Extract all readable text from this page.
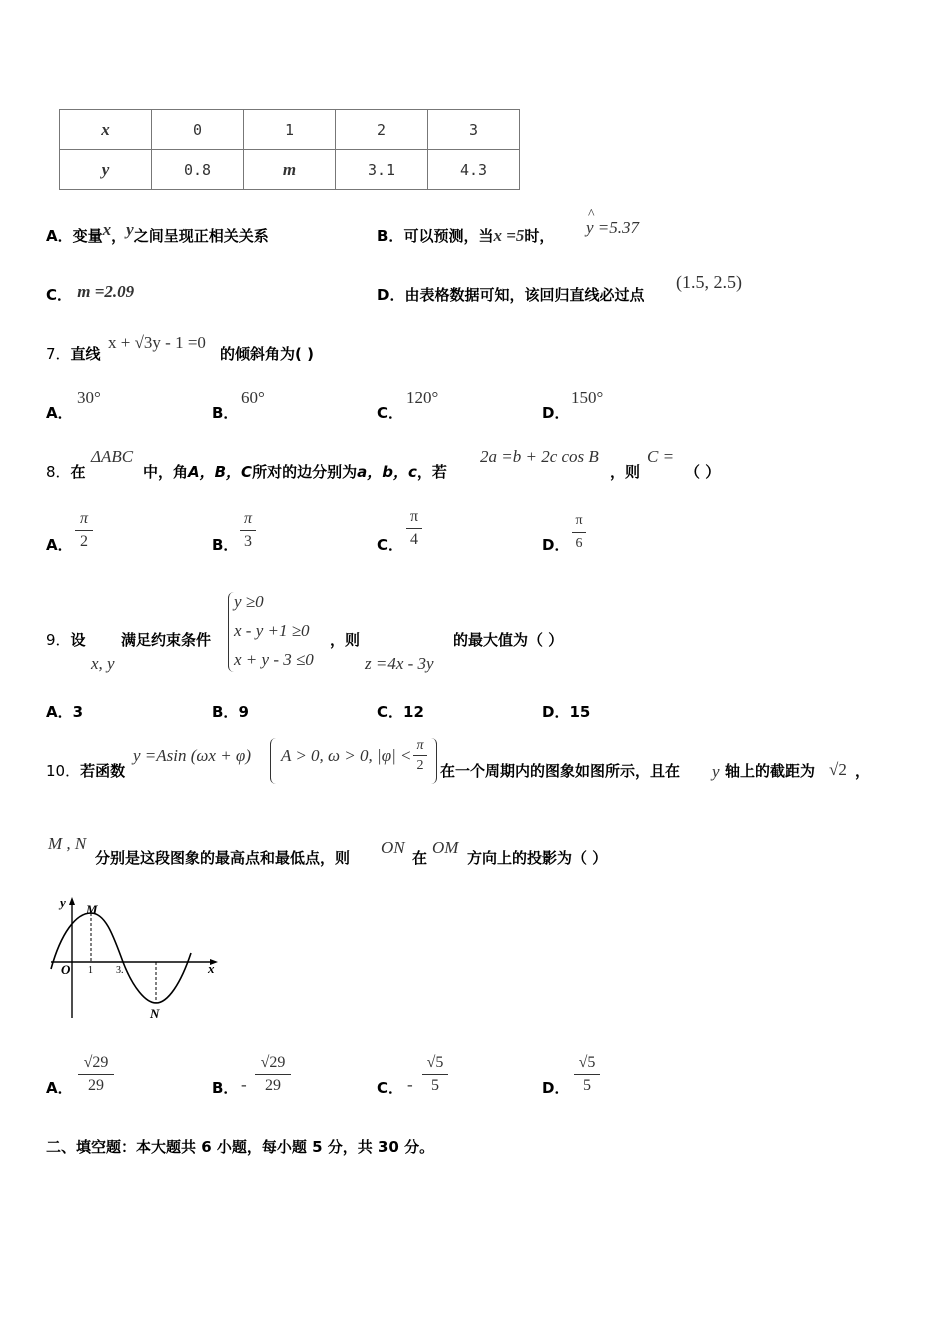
x	0	1	2	3
y	0.8	m	3.1	4.3
A．变量x，y之间呈现正相关关系	B．可以预测，当x =5时，
^
y =5.37
C． m =2.09	D．由表格数据可知，该回归直线必过点
(1.5, 2.5)
7．直线
x + √3y - 1 =0
的倾斜角为( )
A．
30°
B．
60°
C．
120°
D．
150°
8．在
ΔABC
中，角A，B，C所对的边分别为a，b，c，若
2a =b + 2c cos B
，则
C =
（ ）
A．
π
2	B．
π
3	C．
π
4	D．
π
6
9．设
x, y
满足约束条件
y ≥0
x - y +1 ≥0
x + y - 3 ≤0
，则
z =4x - 3y
的最大值为（ ）
A．3	B．9	C．12	D．15
10．若函数
y =Asin (ωx + φ) A > 0, ω > 0, |φ| <
π
2 在一个周期内的图象如图所示，且在 y 轴上的截距为 √2 ，
M , N
分别是这段图象的最高点和最低点，则
ON
在
OM
方向上的投影为（ ）
y
x
M
N
O 1 3.
A．
√29
29	B． -
√29
29	C． -
√5
5	D．
√5
5
二、填空题：本大题共 6 小题，每小题 5 分，共 30 分。
